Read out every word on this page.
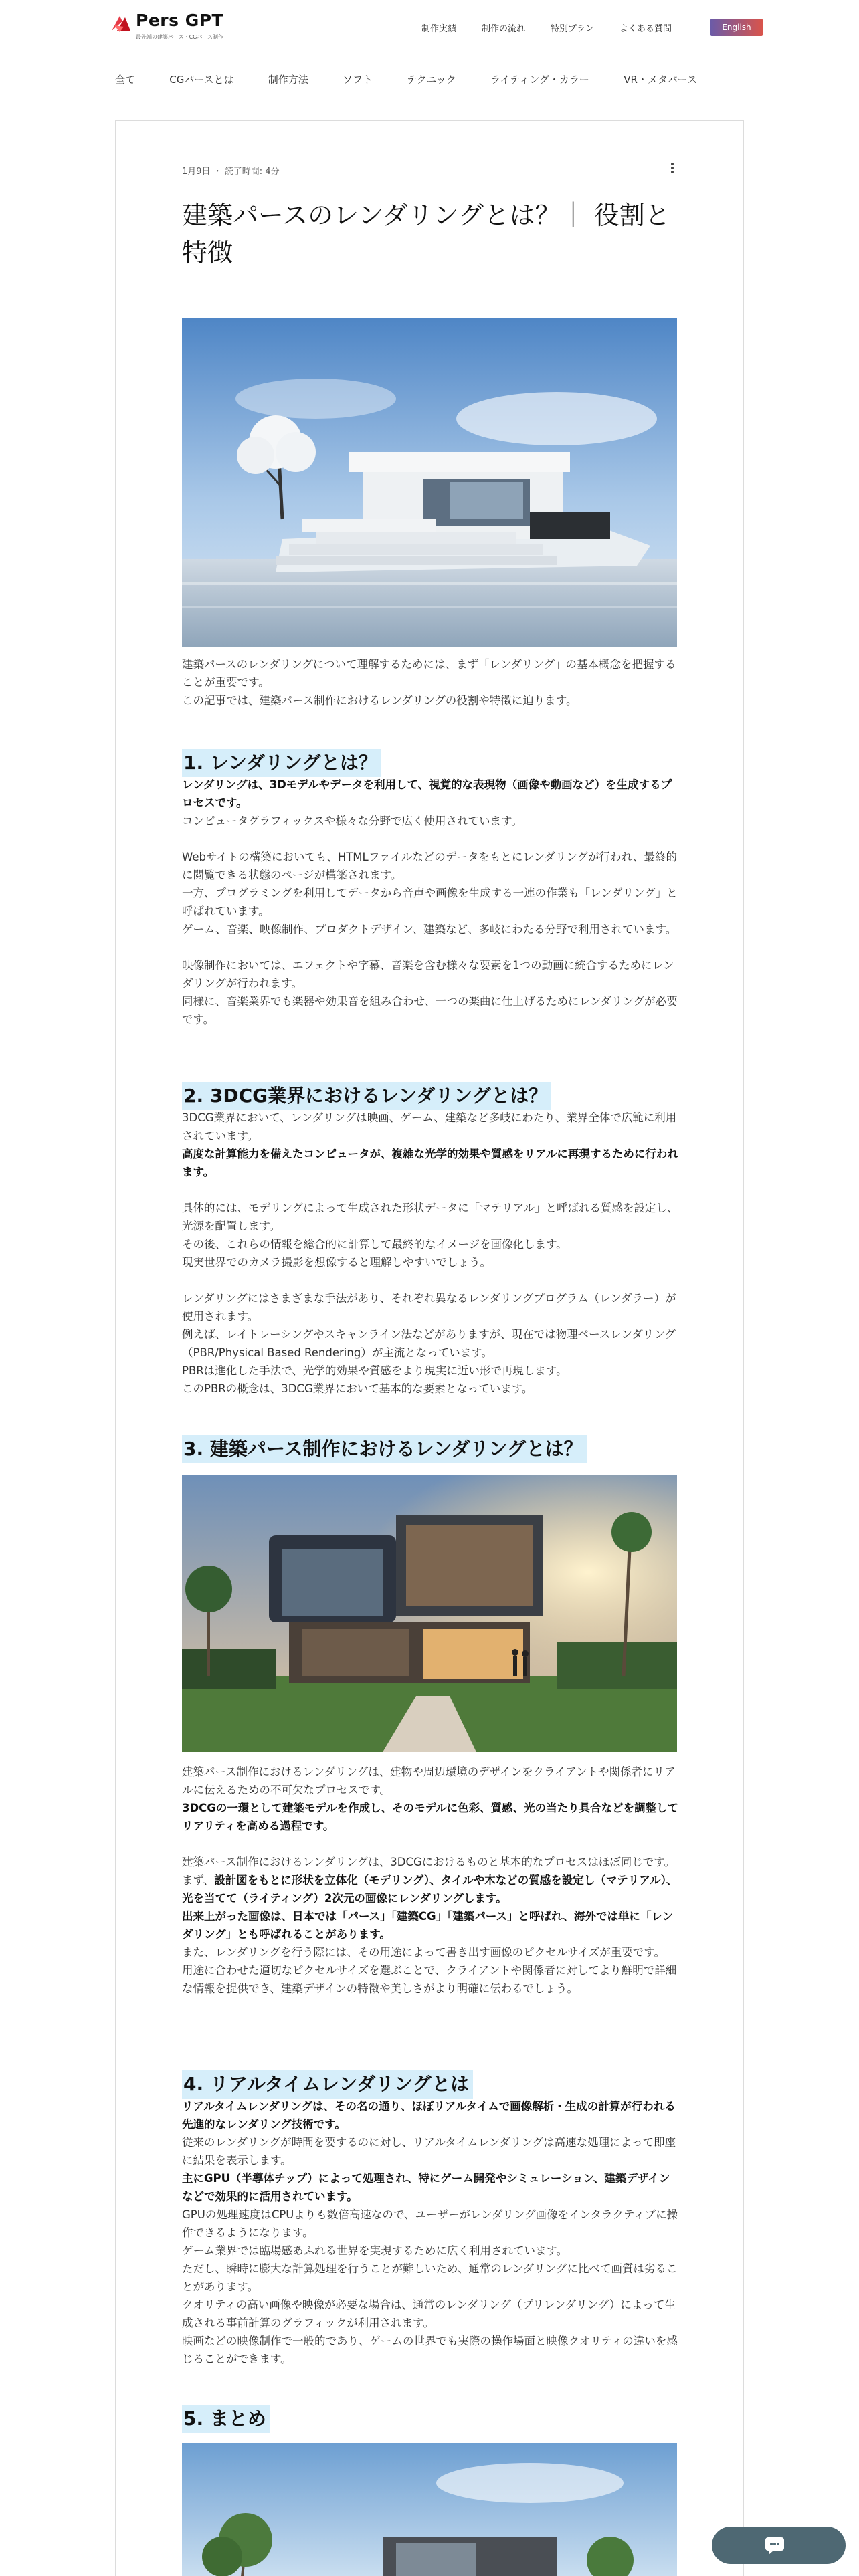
Pers GPT
最先端の建築パース・CGパース制作
制作実績	制作の流れ	特別プラン	よくある質問	English
全て	CGパースとは	制作方法	ソフト	テクニック	ライティング・カラー	VR・メタバース
1月9日 ・ 読了時間: 4分
建築パースのレンダリングとは？｜ 役割と特徴

建築パースのレンダリングについて理解するためには、まず「レンダリング」の基本概念を把握することが重要です。

この記事では、建築パース制作におけるレンダリングの役割や特徴に迫ります。

1. レンダリングとは？

レンダリングは、3Dモデルやデータを利用して、視覚的な表現物（画像や動画など）を生成するプロセスです。

コンピュータグラフィックスや様々な分野で広く使用されています。

Webサイトの構築においても、HTMLファイルなどのデータをもとにレンダリングが行われ、最終的に閲覧できる状態のページが構築されます。

一方、プログラミングを利用してデータから音声や画像を生成する一連の作業も「レンダリング」と呼ばれています。

ゲーム、音楽、映像制作、プロダクトデザイン、建築など、多岐にわたる分野で利用されています。

映像制作においては、エフェクトや字幕、音楽を含む様々な要素を1つの動画に統合するためにレンダリングが行われます。

同様に、音楽業界でも楽器や効果音を組み合わせ、一つの楽曲に仕上げるためにレンダリングが必要です。

2. 3DCG業界におけるレンダリングとは？

3DCG業界において、レンダリングは映画、ゲーム、建築など多岐にわたり、業界全体で広範に利用されています。

高度な計算能力を備えたコンピュータが、複雑な光学的効果や質感をリアルに再現するために行われます。

具体的には、モデリングによって生成された形状データに「マテリアル」と呼ばれる質感を設定し、光源を配置します。

その後、これらの情報を総合的に計算して最終的なイメージを画像化します。

現実世界でのカメラ撮影を想像すると理解しやすいでしょう。

レンダリングにはさまざまな手法があり、それぞれ異なるレンダリングプログラム（レンダラー）が使用されます。

例えば、レイトレーシングやスキャンライン法などがありますが、現在では物理ベースレンダリング（PBR/Physical Based Rendering）が主流となっています。

PBRは進化した手法で、光学的効果や質感をより現実に近い形で再現します。

このPBRの概念は、3DCG業界において基本的な要素となっています。

3. 建築パース制作におけるレンダリングとは？

建築パース制作におけるレンダリングは、建物や周辺環境のデザインをクライアントや関係者にリアルに伝えるための不可欠なプロセスです。

3DCGの一環として建築モデルを作成し、そのモデルに色彩、質感、光の当たり具合などを調整してリアリティを高める過程です。

建築パース制作におけるレンダリングは、3DCGにおけるものと基本的なプロセスはほぼ同じです。

まず、設計図をもとに形状を立体化（モデリング）、タイルや木などの質感を設定し（マテリアル）、光を当てて（ライティング）2次元の画像にレンダリングします。

出来上がった画像は、日本では「パース」「建築CG」「建築パース」と呼ばれ、海外では単に「レンダリング」とも呼ばれることがあります。

また、レンダリングを行う際には、その用途によって書き出す画像のピクセルサイズが重要です。

用途に合わせた適切なピクセルサイズを選ぶことで、クライアントや関係者に対してより鮮明で詳細な情報を提供でき、建築デザインの特徴や美しさがより明確に伝わるでしょう。

4. リアルタイムレンダリングとは

リアルタイムレンダリングは、その名の通り、ほぼリアルタイムで画像解析・生成の計算が行われる先進的なレンダリング技術です。

従来のレンダリングが時間を要するのに対し、リアルタイムレンダリングは高速な処理によって即座に結果を表示します。

主にGPU（半導体チップ）によって処理され、特にゲーム開発やシミュレーション、建築デザインなどで効果的に活用されています。

GPUの処理速度はCPUよりも数倍高速なので、ユーザーがレンダリング画像をインタラクティブに操作できるようになります。

ゲーム業界では臨場感あふれる世界を実現するために広く利用されています。

ただし、瞬時に膨大な計算処理を行うことが難しいため、通常のレンダリングに比べて画質は劣ることがあります。

クオリティの高い画像や映像が必要な場合は、通常のレンダリング（プリレンダリング）によって生成される事前計算のグラフィックが利用されます。

映画などの映像制作で一般的であり、ゲームの世界でも実際の操作場面と映像クオリティの違いを感じることができます。

5. まとめ
